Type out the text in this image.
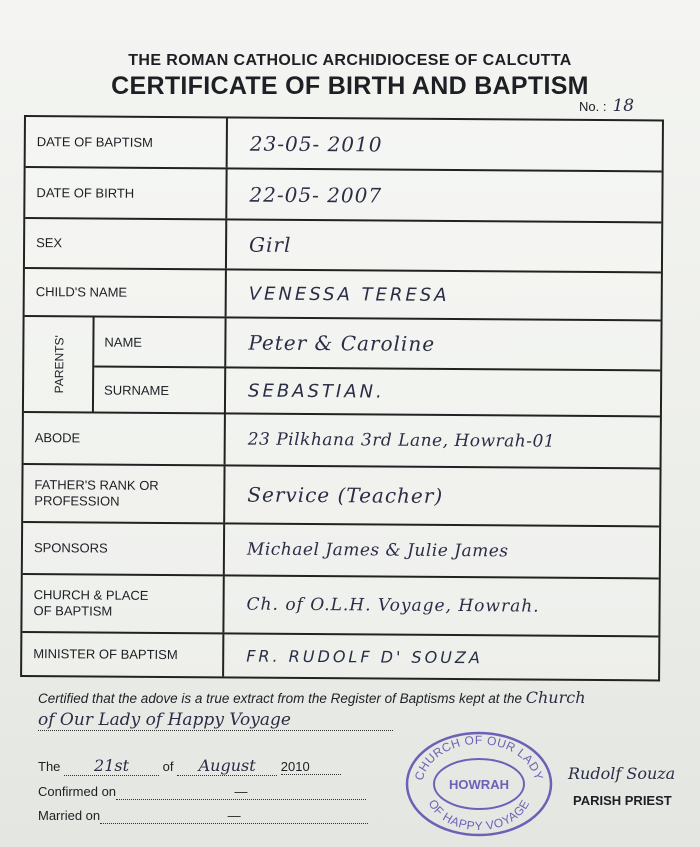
THE ROMAN CATHOLIC ARCHIDIOCESE OF CALCUTTA
CERTIFICATE OF BIRTH AND BAPTISM
No. : 18
DATE OF BAPTISM	23-05- 2010
DATE OF BIRTH	22-05- 2007
SEX	Girl
CHILD'S NAME	VENESSA TERESA
PARENTS'	NAME	Peter & Caroline
SURNAME	SEBASTIAN.
ABODE	23 Pilkhana 3rd Lane, Howrah-01
FATHER'S RANK OR
PROFESSION	Service (Teacher)
SPONSORS	Michael James & Julie James
CHURCH & PLACE
OF BAPTISM	Ch. of O.L.H. Voyage, Howrah.
MINISTER OF BAPTISM	FR. RUDOLF D' SOUZA
Certified that the adove is a true extract from the Register of Baptisms kept at the Church
of Our Lady of Happy Voyage
The 21st	of August 2010
Confirmed on	—
Married on	—
CHURCH OF OUR LADY
HOWRAH
OF HAPPY VOYAGE
Rudolf Souza
PARISH PRIEST
